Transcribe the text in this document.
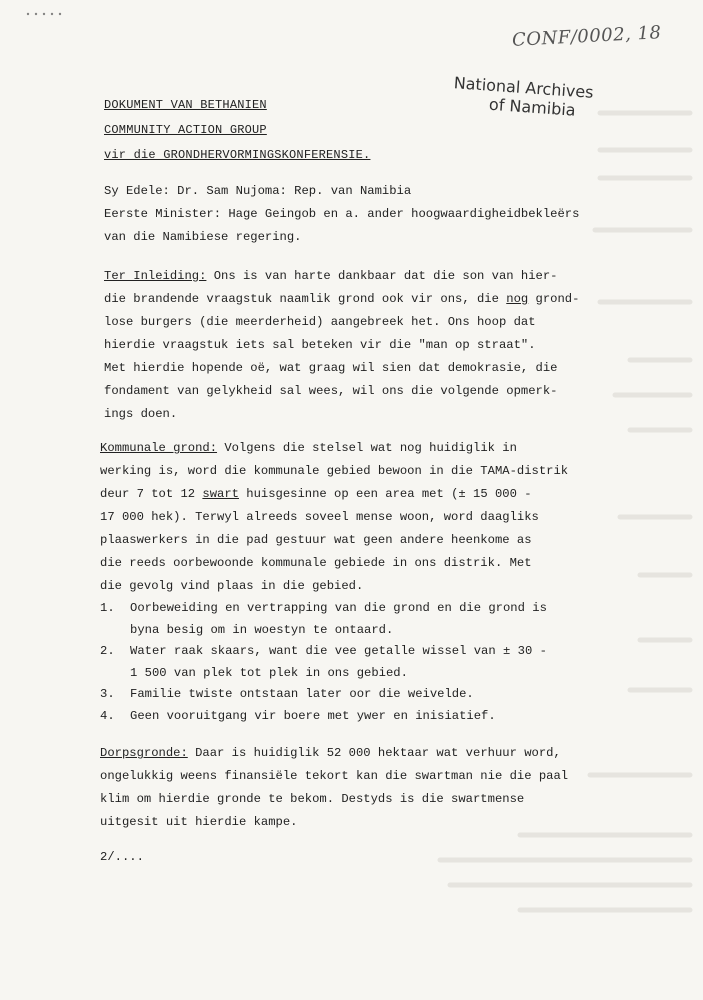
CONF/0002, 18
National Archives
of Namibia
DOKUMENT VAN BETHANIEN
COMMUNITY ACTION GROUP
vir die GRONDHERVORMINGSKONFERENSIE.
Sy Edele: Dr. Sam Nujoma: Rep. van Namibia
Eerste Minister: Hage Geingob en a. ander hoogwaardigheidbekleërs
van die Namibiese regering.
Ter Inleiding: Ons is van harte dankbaar dat die son van hier-
die brandende vraagstuk naamlik grond ook vir ons, die nog grond-
lose burgers (die meerderheid) aangebreek het. Ons hoop dat
hierdie vraagstuk iets sal beteken vir die "man op straat".
Met hierdie hopende oë, wat graag wil sien dat demokrasie, die
fondament van gelykheid sal wees, wil ons die volgende opmerk-
ings doen.
Kommunale grond: Volgens die stelsel wat nog huidiglik in
werking is, word die kommunale gebied bewoon in die TAMA-distrik
deur 7 tot 12 swart huisgesinne op een area met (± 15 000 -
17 000 hek). Terwyl alreeds soveel mense woon, word daagliks
plaaswerkers in die pad gestuur wat geen andere heenkome as
die reeds oorbewoonde kommunale gebiede in ons distrik. Met
die gevolg vind plaas in die gebied.
1.	Oorbeweiding en vertrapping van die grond en die grond is
byna besig om in woestyn te ontaard.
2.	Water raak skaars, want die vee getalle wissel van ± 30 -
1 500 van plek tot plek in ons gebied.
3.	Familie twiste ontstaan later oor die weivelde.
4.	Geen vooruitgang vir boere met ywer en inisiatief.
Dorpsgronde: Daar is huidiglik 52 000 hektaar wat verhuur word,
ongelukkig weens finansiële tekort kan die swartman nie die paal
klim om hierdie gronde te bekom. Destyds is die swartmense
uitgesit uit hierdie kampe.
2/....
